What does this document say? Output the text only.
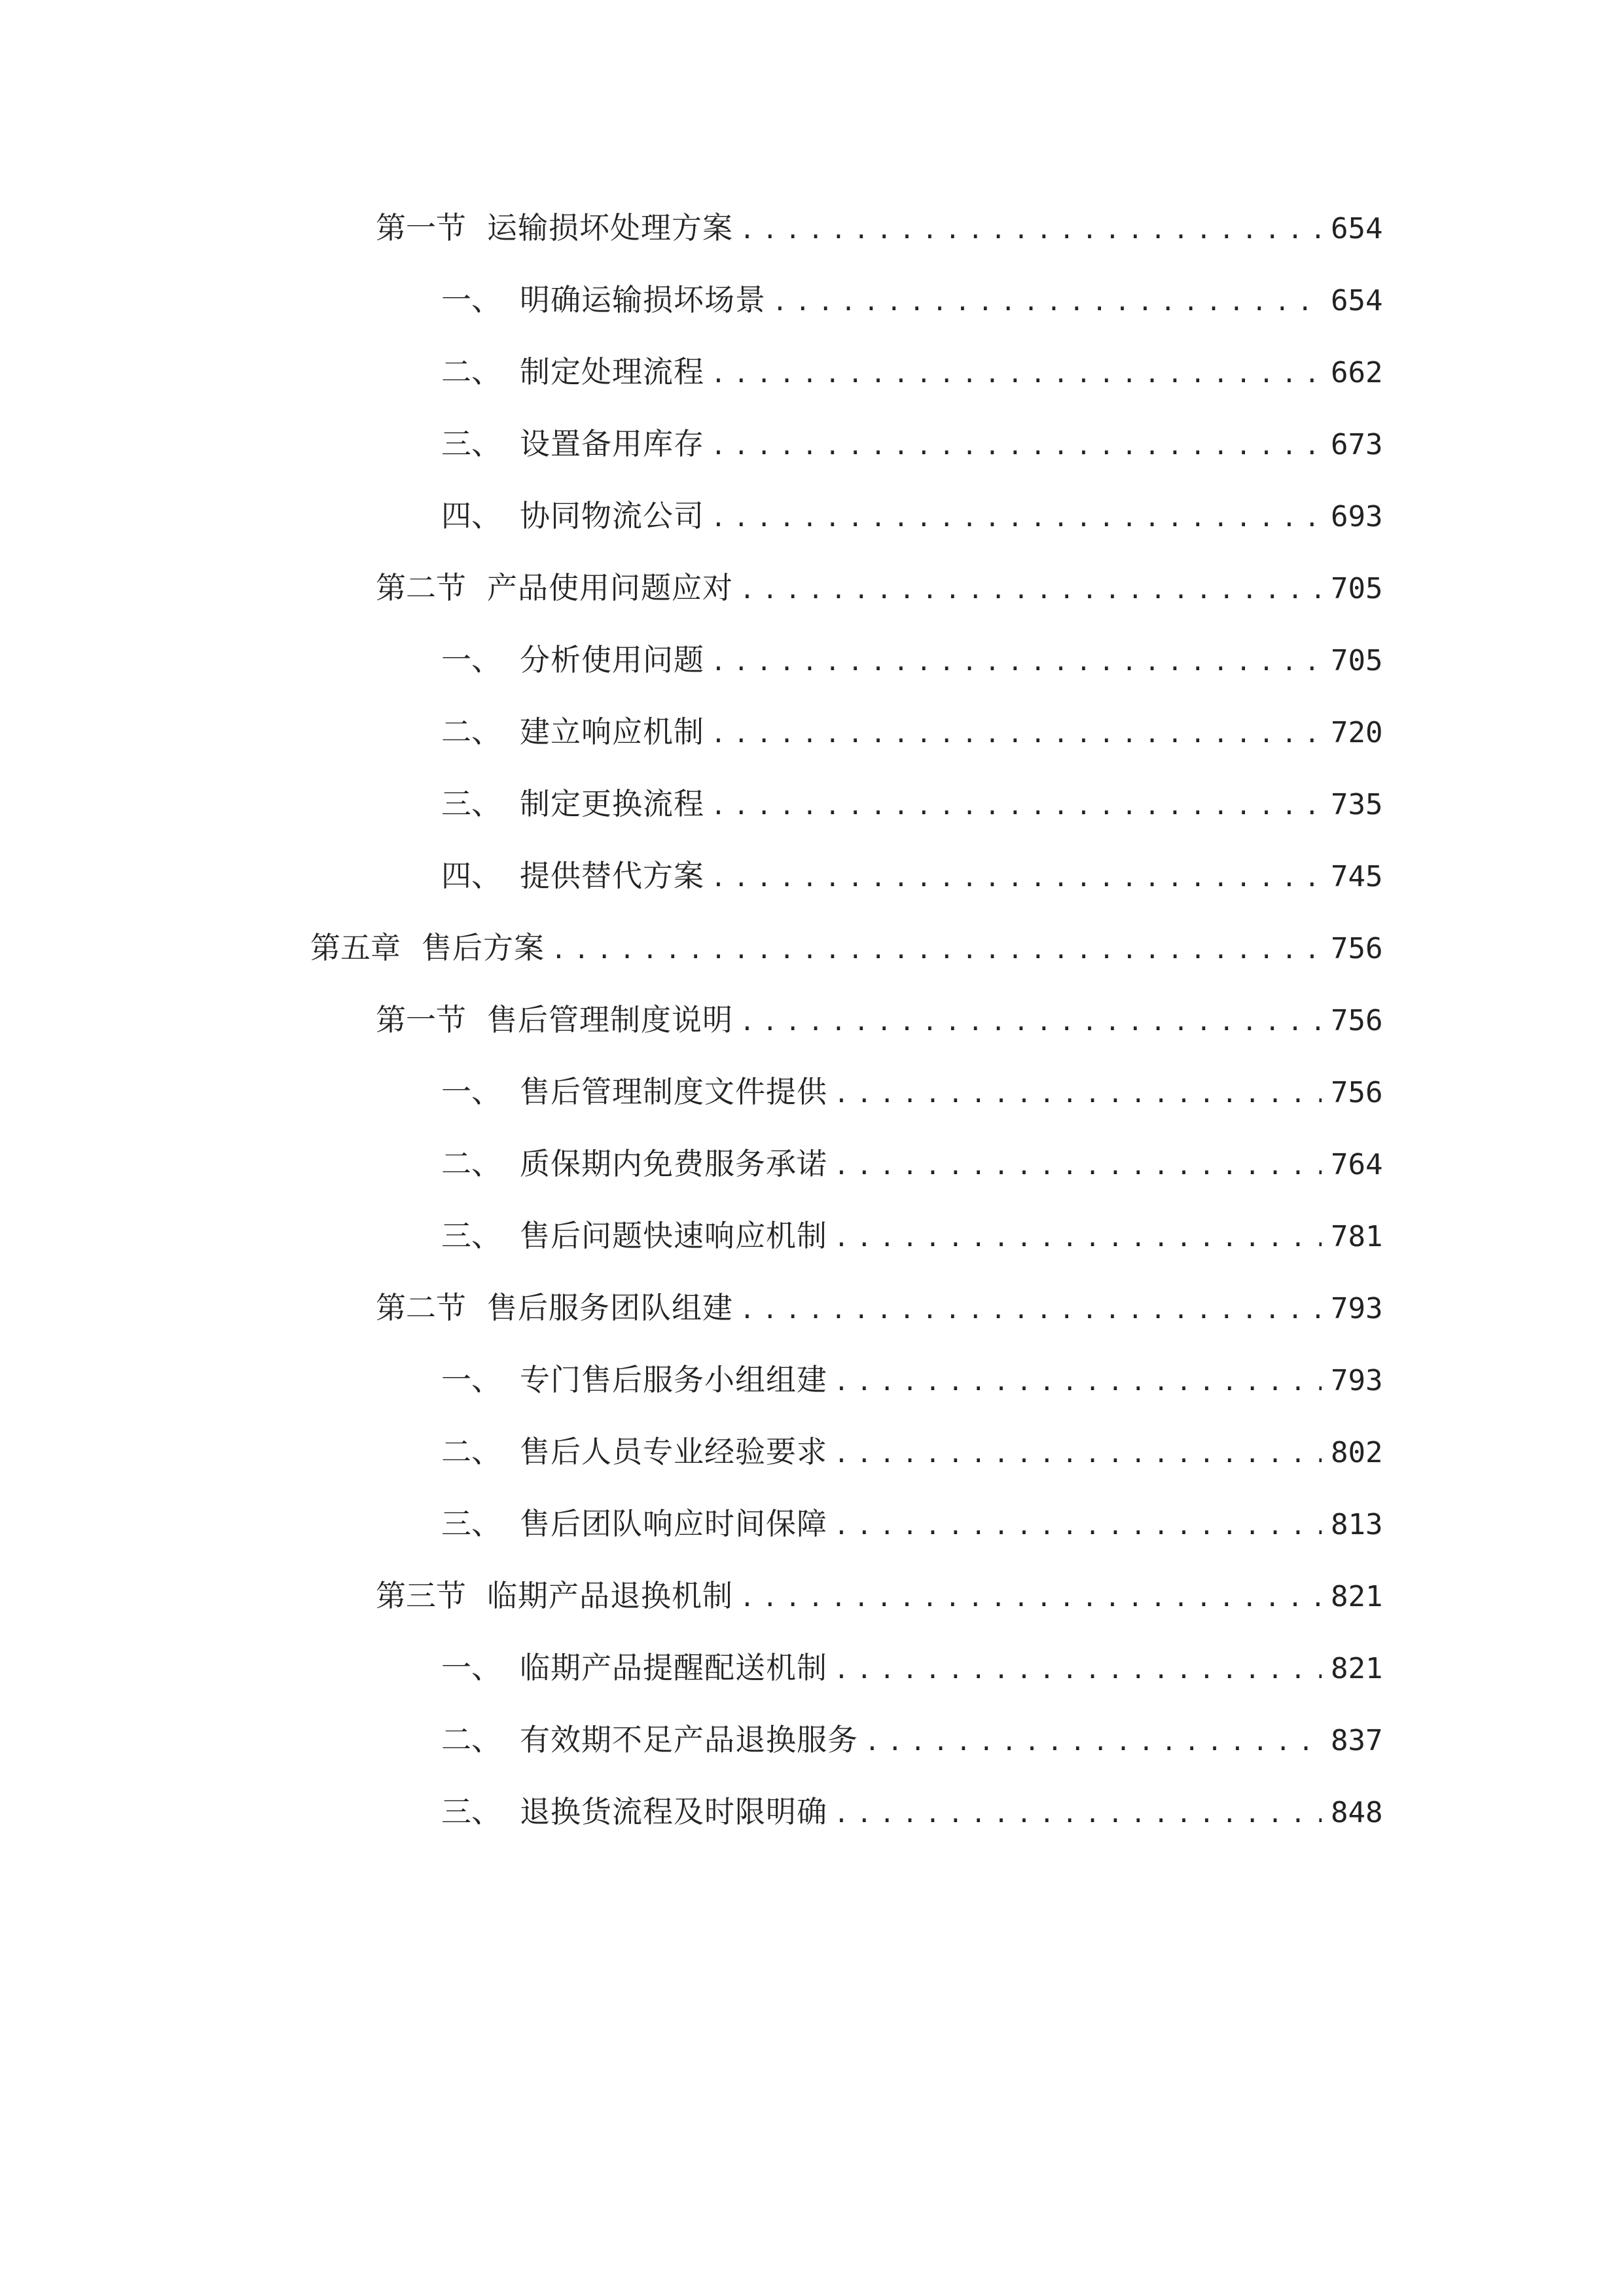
第一节 运输损坏处理方案 .....	654
一、 明确运输损坏场景 .....	654
二、 制定处理流程 .....	662
三、 设置备用库存 .....	673
四、 协同物流公司 .....	693
第二节 产品使用问题应对 .....	705
一、 分析使用问题 .....	705
二、 建立响应机制 .....	720
三、 制定更换流程 .....	735
四、 提供替代方案 .....	745
第五章 售后方案 .....	756
第一节 售后管理制度说明 .....	756
一、 售后管理制度文件提供 .....	756
二、 质保期内免费服务承诺 .....	764
三、 售后问题快速响应机制 .....	781
第二节 售后服务团队组建 .....	793
一、 专门售后服务小组组建 .....	793
二、 售后人员专业经验要求 .....	802
三、 售后团队响应时间保障 .....	813
第三节 临期产品退换机制 .....	821
一、 临期产品提醒配送机制 .....	821
二、 有效期不足产品退换服务 .....	837
三、 退换货流程及时限明确 .....	848
